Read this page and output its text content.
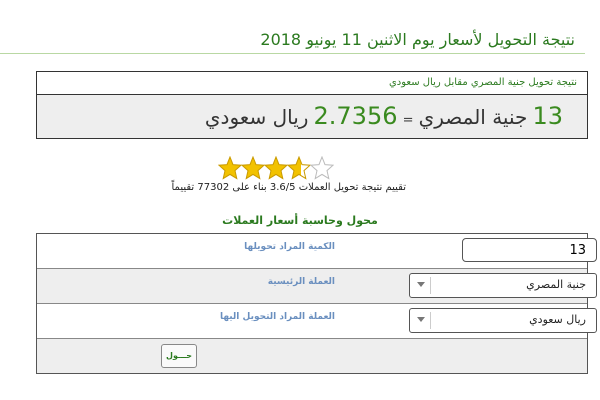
نتيجة التحويل لأسعار يوم الاثنين 11 يونيو 2018
نتيجة تحويل جنية المصري مقابل ريال سعودي
13 جنية المصري = 2.7356 ريال سعودي
تقييم نتيجة تحويل العملات 3.6/5 بناء على 77302 تقييماً
محول وحاسبة أسعار العملات
الكمية المراد تحويلها	13
العملة الرئيسية	جنية المصري
العملة المراد التحويل اليها	ريال سعودي
حـــول
